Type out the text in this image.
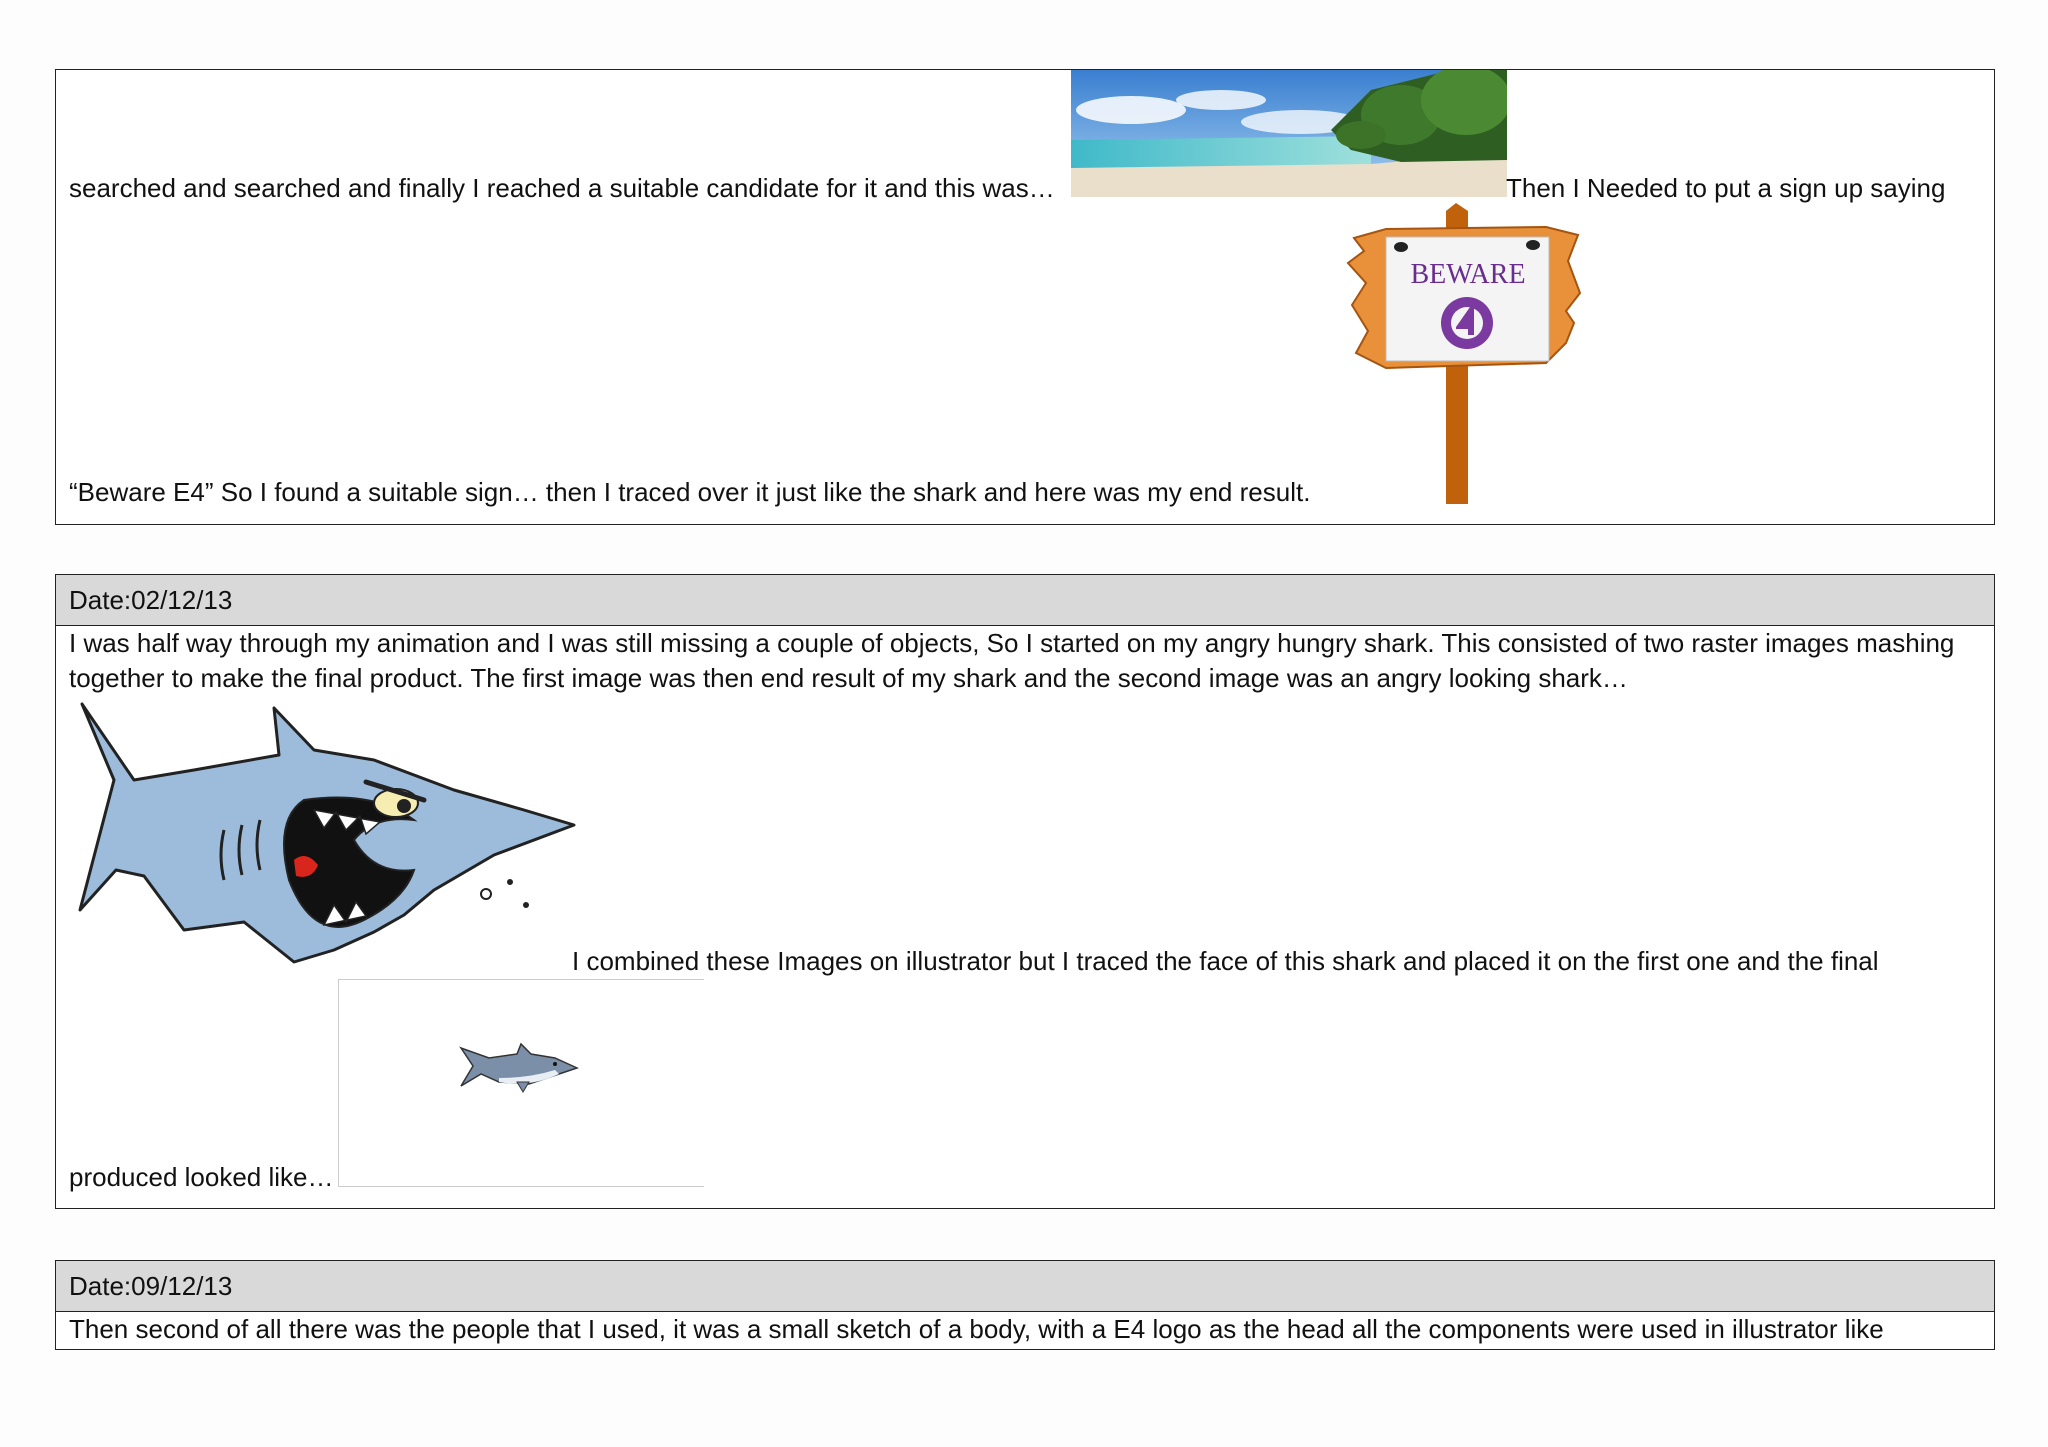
searched and searched and finally I reached a suitable candidate for it and this was…	Then I Needed to put a sign up saying
BEWARE
“Beware E4” So I found a suitable sign… then I traced over it just like the shark and here was my end result.
Date:02/12/13
I was half way through my animation and I was still missing a couple of objects, So I started on my angry hungry shark. This consisted of two raster images mashing together to make the final product. The first image was then end result of my shark and the second image was an angry looking shark…
I combined these Images on illustrator but I traced the face of this shark and placed it on the first one and the final
produced looked like…
Date:09/12/13
Then second of all there was the people that I used, it was a small sketch of a body, with a E4 logo as the head all the components were used in illustrator like
